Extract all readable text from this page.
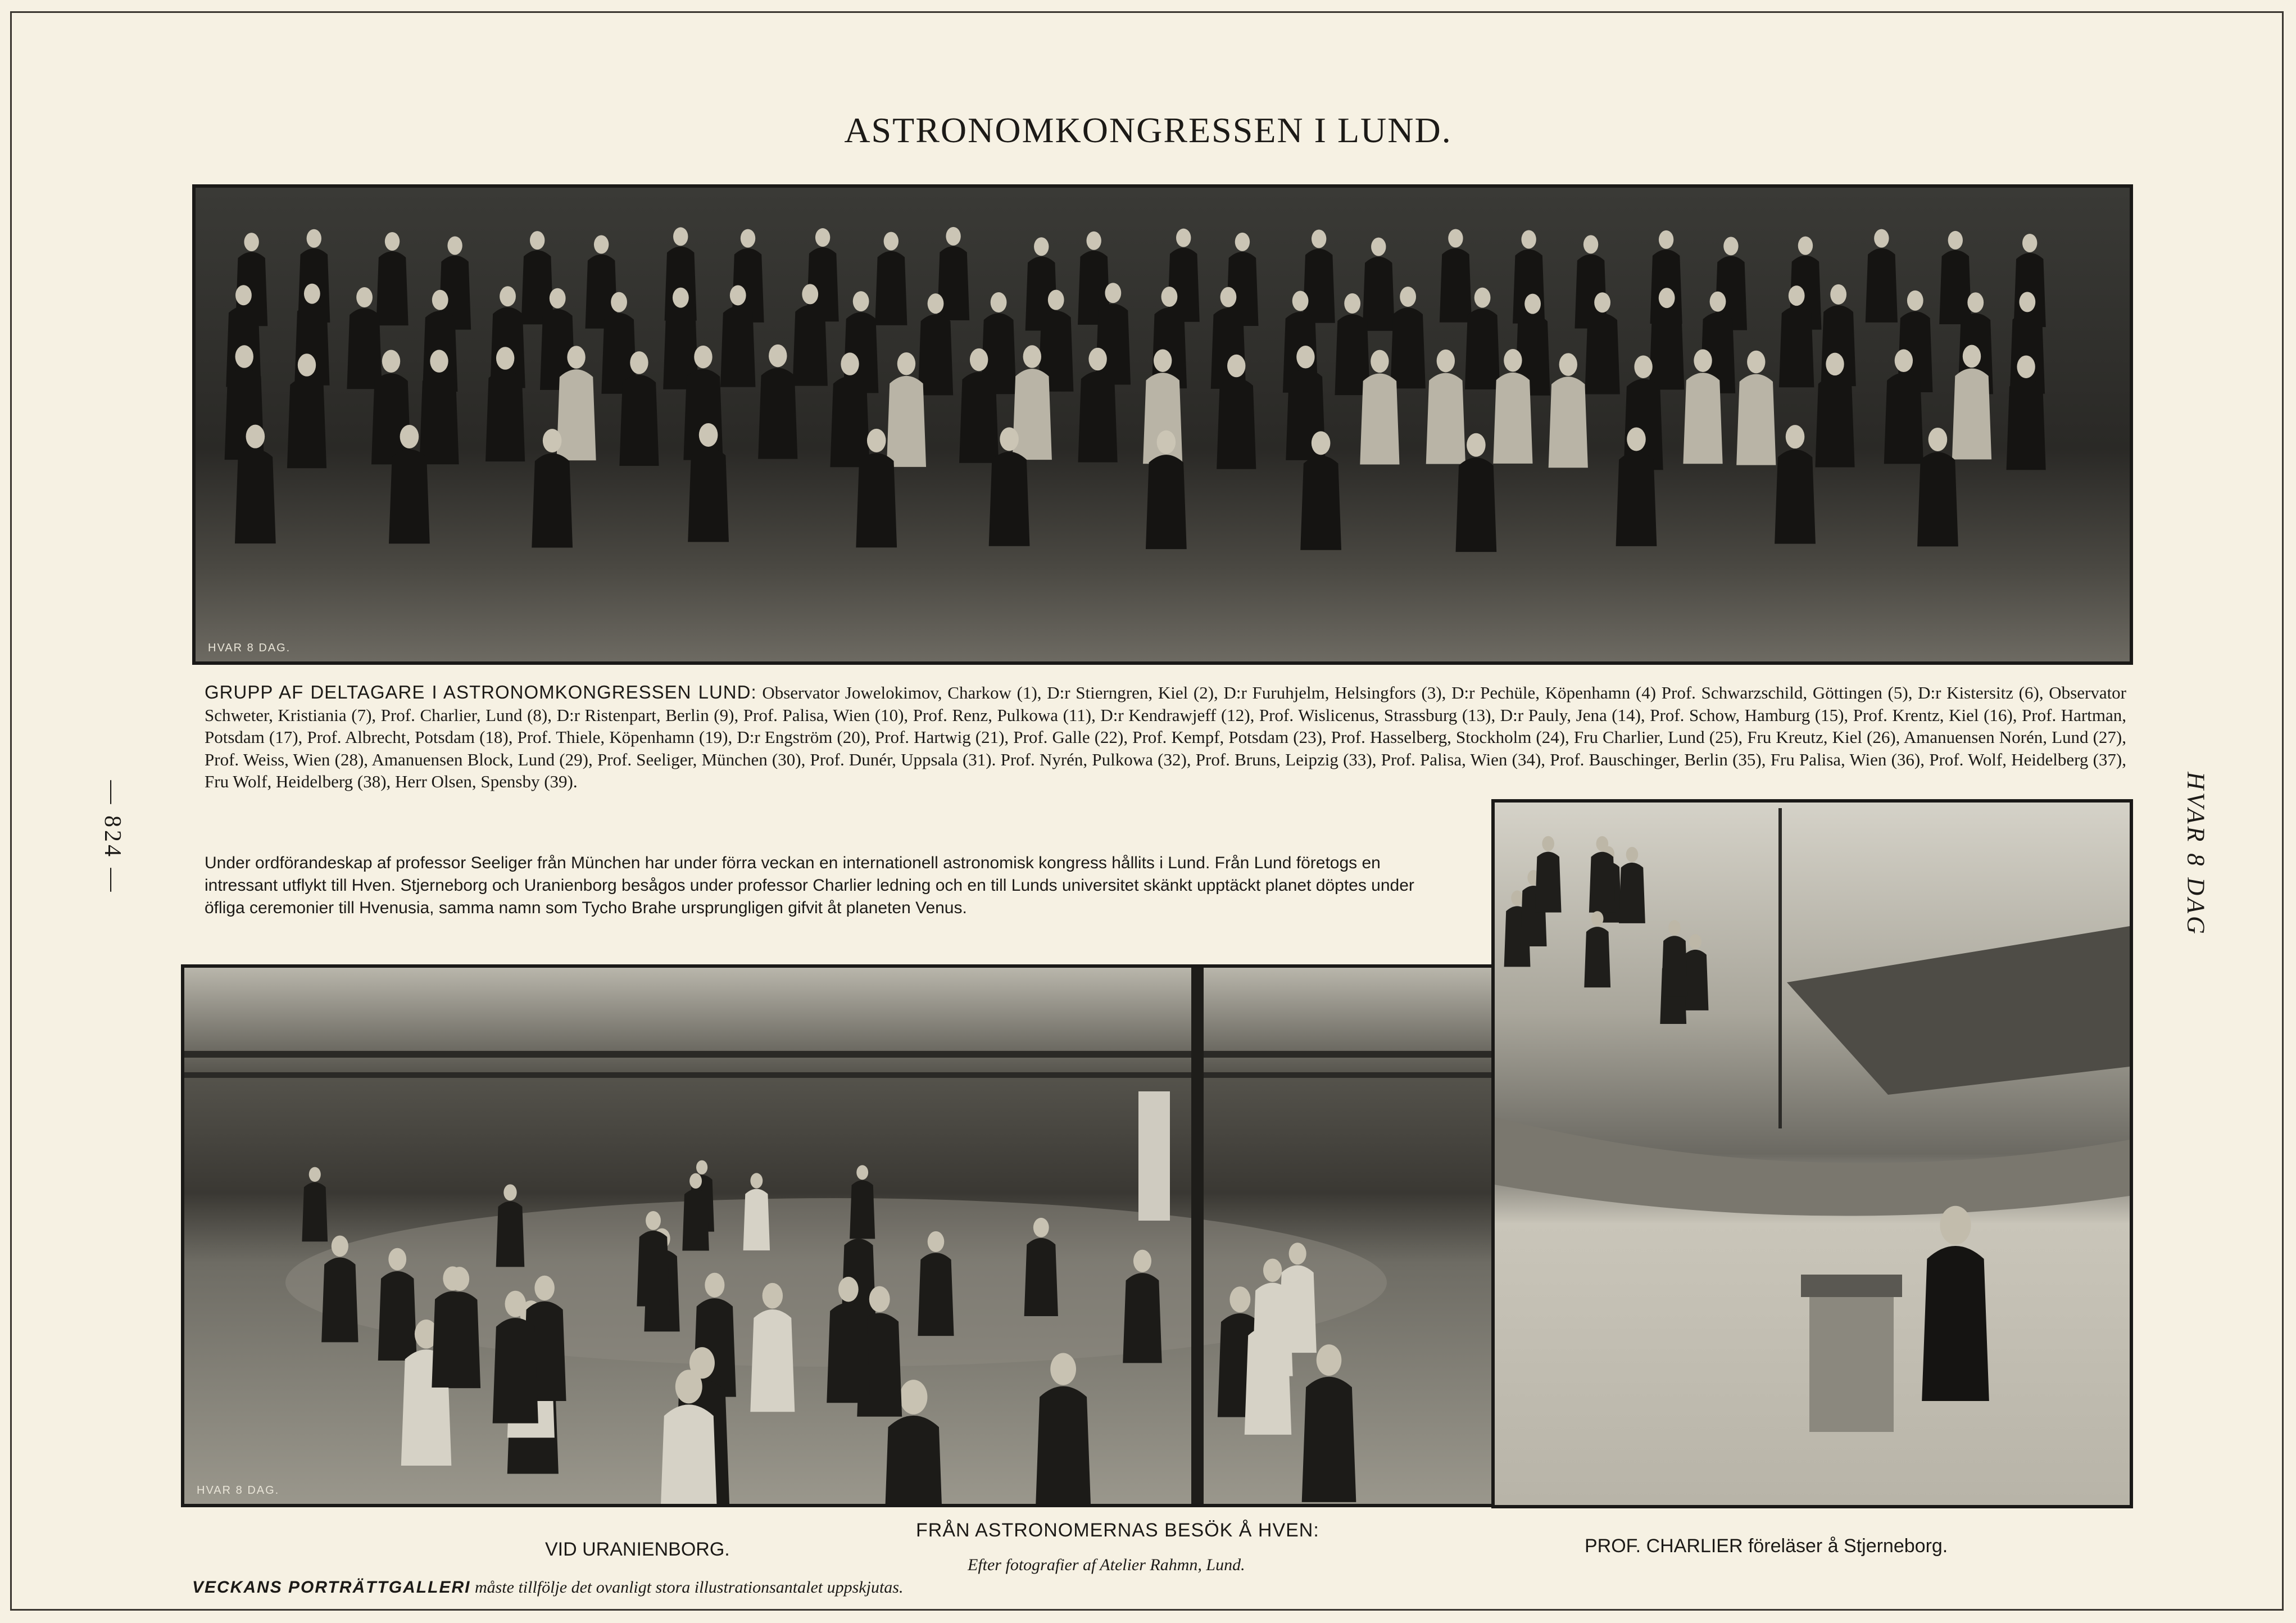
ASTRONOMKONGRESSEN I LUND.
HVAR 8 DAG.
GRUPP AF DELTAGARE I ASTRONOMKONGRESSEN LUND: Observator Jowelokimov, Charkow (1), D:r Stierngren, Kiel (2), D:r Furuhjelm, Helsingfors (3), D:r Pechüle, Köpenhamn (4) Prof. Schwarzschild, Göttingen (5), D:r Kistersitz (6), Observator Schweter, Kristiania (7), Prof. Charlier, Lund (8), D:r Ristenpart, Berlin (9), Prof. Palisa, Wien (10), Prof. Renz, Pulkowa (11), D:r Kendrawjeff (12), Prof. Wislicenus, Strassburg (13), D:r Pauly, Jena (14), Prof. Schow, Hamburg (15), Prof. Krentz, Kiel (16), Prof. Hartman, Potsdam (17), Prof. Albrecht, Potsdam (18), Prof. Thiele, Köpenhamn (19), D:r Engström (20), Prof. Hartwig (21), Prof. Galle (22), Prof. Kempf, Potsdam (23), Prof. Hasselberg, Stockholm (24), Fru Charlier, Lund (25), Fru Kreutz, Kiel (26), Amanuensen Norén, Lund (27), Prof. Weiss, Wien (28), Amanuensen Block, Lund (29), Prof. Seeliger, München (30), Prof. Dunér, Uppsala (31). Prof. Nyrén, Pulkowa (32), Prof. Bruns, Leipzig (33), Prof. Palisa, Wien (34), Prof. Bauschinger, Berlin (35), Fru Palisa, Wien (36), Prof. Wolf, Heidelberg (37), Fru Wolf, Heidelberg (38), Herr Olsen, Spensby (39).
Under ordförandeskap af professor Seeliger från München har under förra veckan en internationell astronomisk kongress hållits i Lund. Från Lund företogs en intressant utflykt till Hven. Stjerneborg och Uranienborg besågos under professor Charlier ledning och en till Lunds universitet skänkt upptäckt planet döptes under öfliga ceremonier till Hvenusia, samma namn som Tycho Brahe ursprungligen gifvit åt planeten Venus.
— 824 —	HVAR 8 DAG
HVAR 8 DAG.
VID URANIENBORG.
FRÅN ASTRONOMERNAS BESÖK Å HVEN:
Efter fotografier af Atelier Rahmn, Lund.
PROF. CHARLIER föreläser å Stjerneborg.
VECKANS PORTRÄTTGALLERI måste tillfölje det ovanligt stora illustrationsantalet uppskjutas.
